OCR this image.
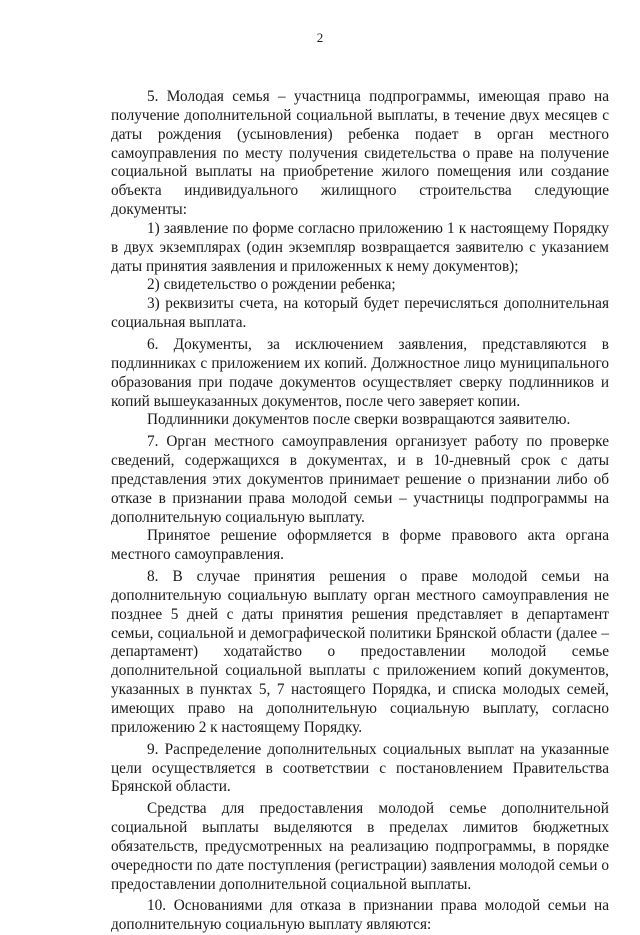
2

5. Молодая семья – участница подпрограммы, имеющая право на получение дополнительной социальной выплаты, в течение двух месяцев с даты рождения (усыновления) ребенка подает в орган местного самоуправления по месту получения свидетельства о праве на получение социальной выплаты на приобретение жилого помещения или создание объекта индивидуального жилищного строительства следующие документы:

1) заявление по форме согласно приложению 1 к настоящему Порядку в двух экземплярах (один экземпляр возвращается заявителю с указанием даты принятия заявления и приложенных к нему документов);

2) свидетельство о рождении ребенка;

3) реквизиты счета, на который будет перечисляться дополнительная социальная выплата.

6. Документы, за исключением заявления, представляются в подлинниках с приложением их копий. Должностное лицо муниципального образования при подаче документов осуществляет сверку подлинников и копий вышеуказанных документов, после чего заверяет копии.

Подлинники документов после сверки возвращаются заявителю.

7. Орган местного самоуправления организует работу по проверке сведений, содержащихся в документах, и в 10-дневный срок с даты представления этих документов принимает решение о признании либо об отказе в признании права молодой семьи – участницы подпрограммы на дополнительную социальную выплату.

Принятое решение оформляется в форме правового акта органа местного самоуправления.

8. В случае принятия решения о праве молодой семьи на дополнительную социальную выплату орган местного самоуправления не позднее 5 дней с даты принятия решения представляет в департамент семьи, социальной и демографической политики Брянской области (далее – департамент) ходатайство о предоставлении молодой семье дополнительной социальной выплаты с приложением копий документов, указанных в пунктах 5, 7 настоящего Порядка, и списка молодых семей, имеющих право на дополнительную социальную выплату, согласно приложению 2 к настоящему Порядку.

9. Распределение дополнительных социальных выплат на указанные цели осуществляется в соответствии с постановлением Правительства Брянской области.

Средства для предоставления молодой семье дополнительной социальной выплаты выделяются в пределах лимитов бюджетных обязательств, предусмотренных на реализацию подпрограммы, в порядке очередности по дате поступления (регистрации) заявления молодой семьи о предоставлении дополнительной социальной выплаты.

10. Основаниями для отказа в признании права молодой семьи на дополнительную социальную выплату являются:
